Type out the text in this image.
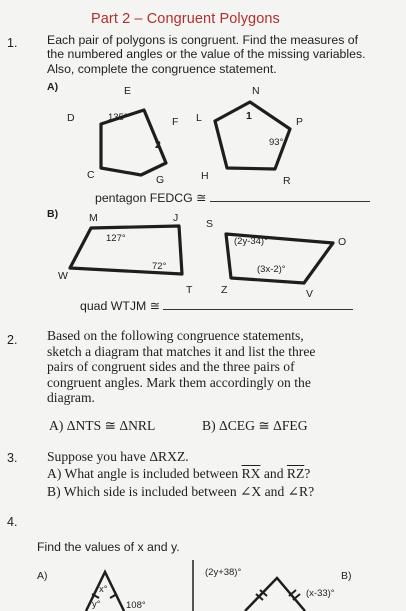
Part 2 – Congruent Polygons
1. Each pair of polygons is congruent. Find the measures of
the numbered angles or the value of the missing variables.
Also, complete the congruence statement.
A)	E	N
D	135°	F L	1	P
2	93°
C	G	H	R
pentagon FEDCG ≅
B)	M	J	S
127°	(2y-34)°	O
72°	(3x-2)°
W
T	Z	V
quad WTJM ≅
2. Based on the following congruence statements,
sketch a diagram that matches it and list the three
pairs of congruent sides and the three pairs of
congruent angles. Mark them accordingly on the
diagram.
A) ΔNTS ≅ ΔNRL	B) ΔCEG ≅ ΔFEG
3. Suppose you have ΔRXZ.
A) What angle is included between $\overline{RX}$ and $\overline{RZ}$?
B) Which side is included between ∠X and ∠R?
4.
Find the values of x and y.
A)
x°
y°	108°
(2y+38)°	B)
(x-33)°
